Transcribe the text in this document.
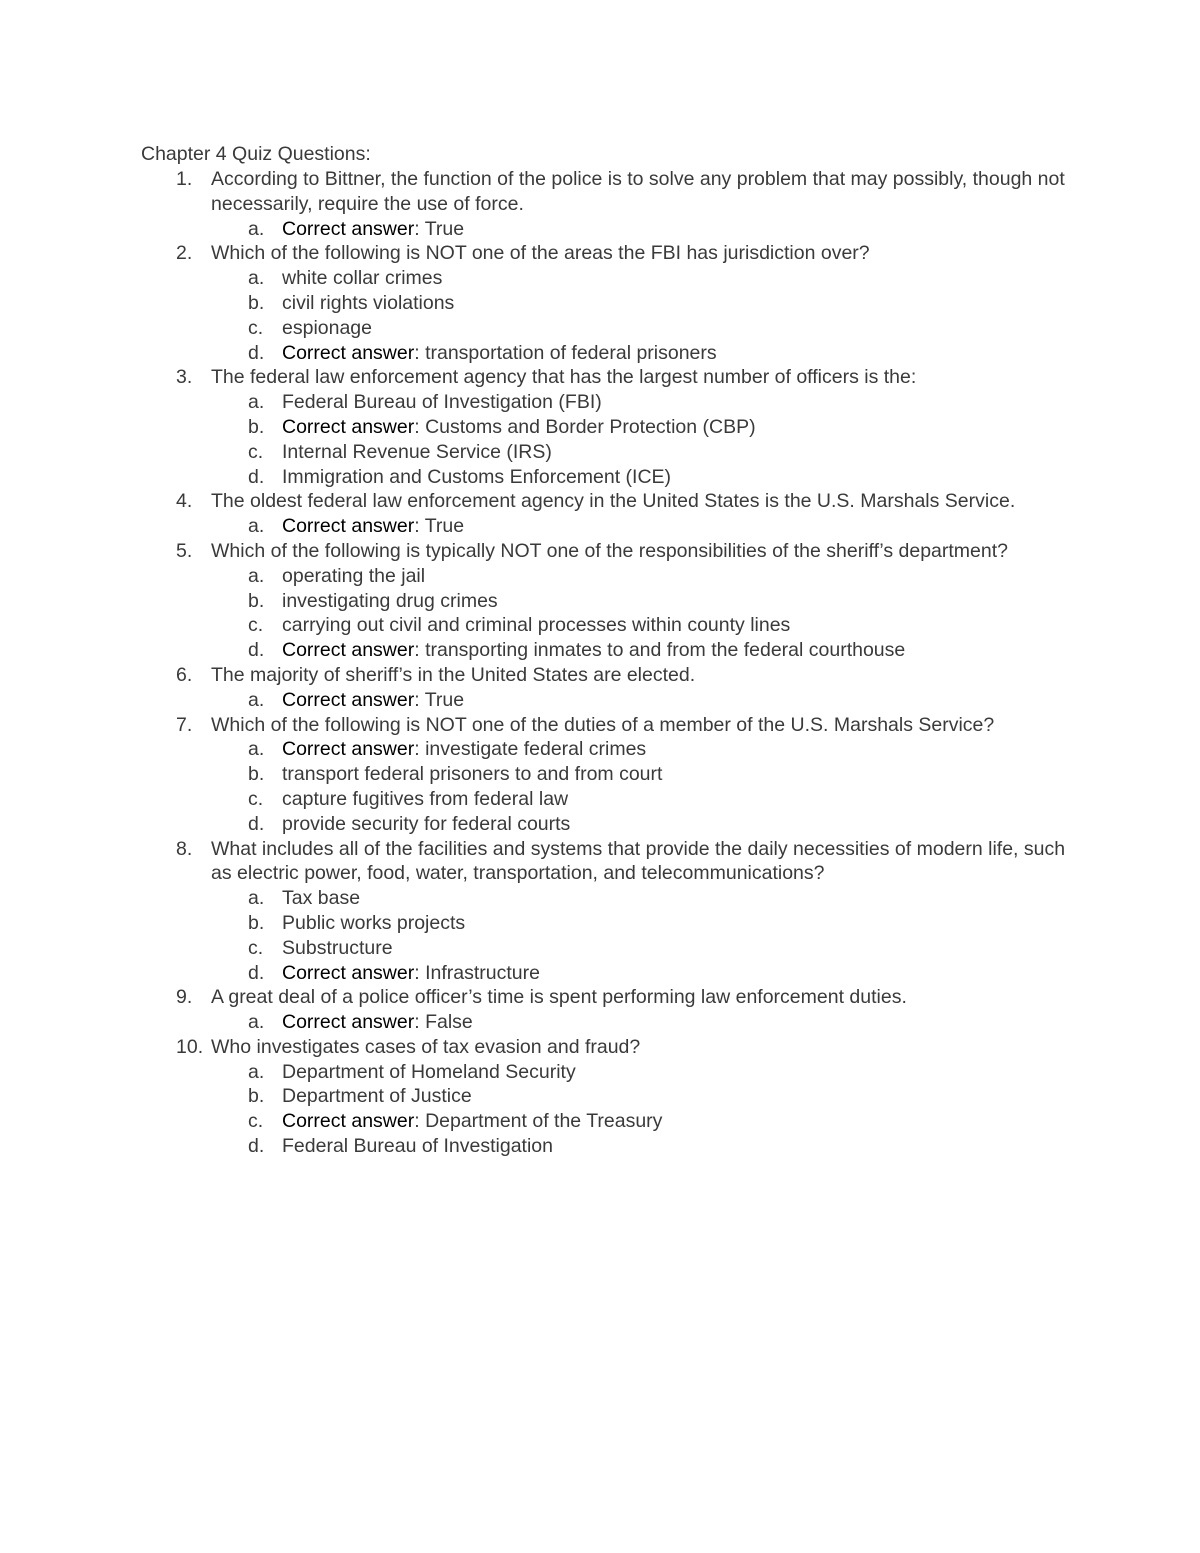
Chapter 4 Quiz Questions:
1. According to Bittner, the function of the police is to solve any problem that may possibly, though not necessarily, require the use of force.
a. Correct answer: True
2. Which of the following is NOT one of the areas the FBI has jurisdiction over?
a. white collar crimes
b. civil rights violations
c. espionage
d. Correct answer: transportation of federal prisoners
3. The federal law enforcement agency that has the largest number of officers is the:
a. Federal Bureau of Investigation (FBI)
b. Correct answer: Customs and Border Protection (CBP)
c. Internal Revenue Service (IRS)
d. Immigration and Customs Enforcement (ICE)
4. The oldest federal law enforcement agency in the United States is the U.S. Marshals Service.
a. Correct answer: True
5. Which of the following is typically NOT one of the responsibilities of the sheriff’s department?
a. operating the jail
b. investigating drug crimes
c. carrying out civil and criminal processes within county lines
d. Correct answer: transporting inmates to and from the federal courthouse
6. The majority of sheriff’s in the United States are elected.
a. Correct answer: True
7. Which of the following is NOT one of the duties of a member of the U.S. Marshals Service?
a. Correct answer: investigate federal crimes
b. transport federal prisoners to and from court
c. capture fugitives from federal law
d. provide security for federal courts
8. What includes all of the facilities and systems that provide the daily necessities of modern life, such as electric power, food, water, transportation, and telecommunications?
a. Tax base
b. Public works projects
c. Substructure
d. Correct answer: Infrastructure
9. A great deal of a police officer’s time is spent performing law enforcement duties.
a. Correct answer: False
10. Who investigates cases of tax evasion and fraud?
a. Department of Homeland Security
b. Department of Justice
c. Correct answer: Department of the Treasury
d. Federal Bureau of Investigation
